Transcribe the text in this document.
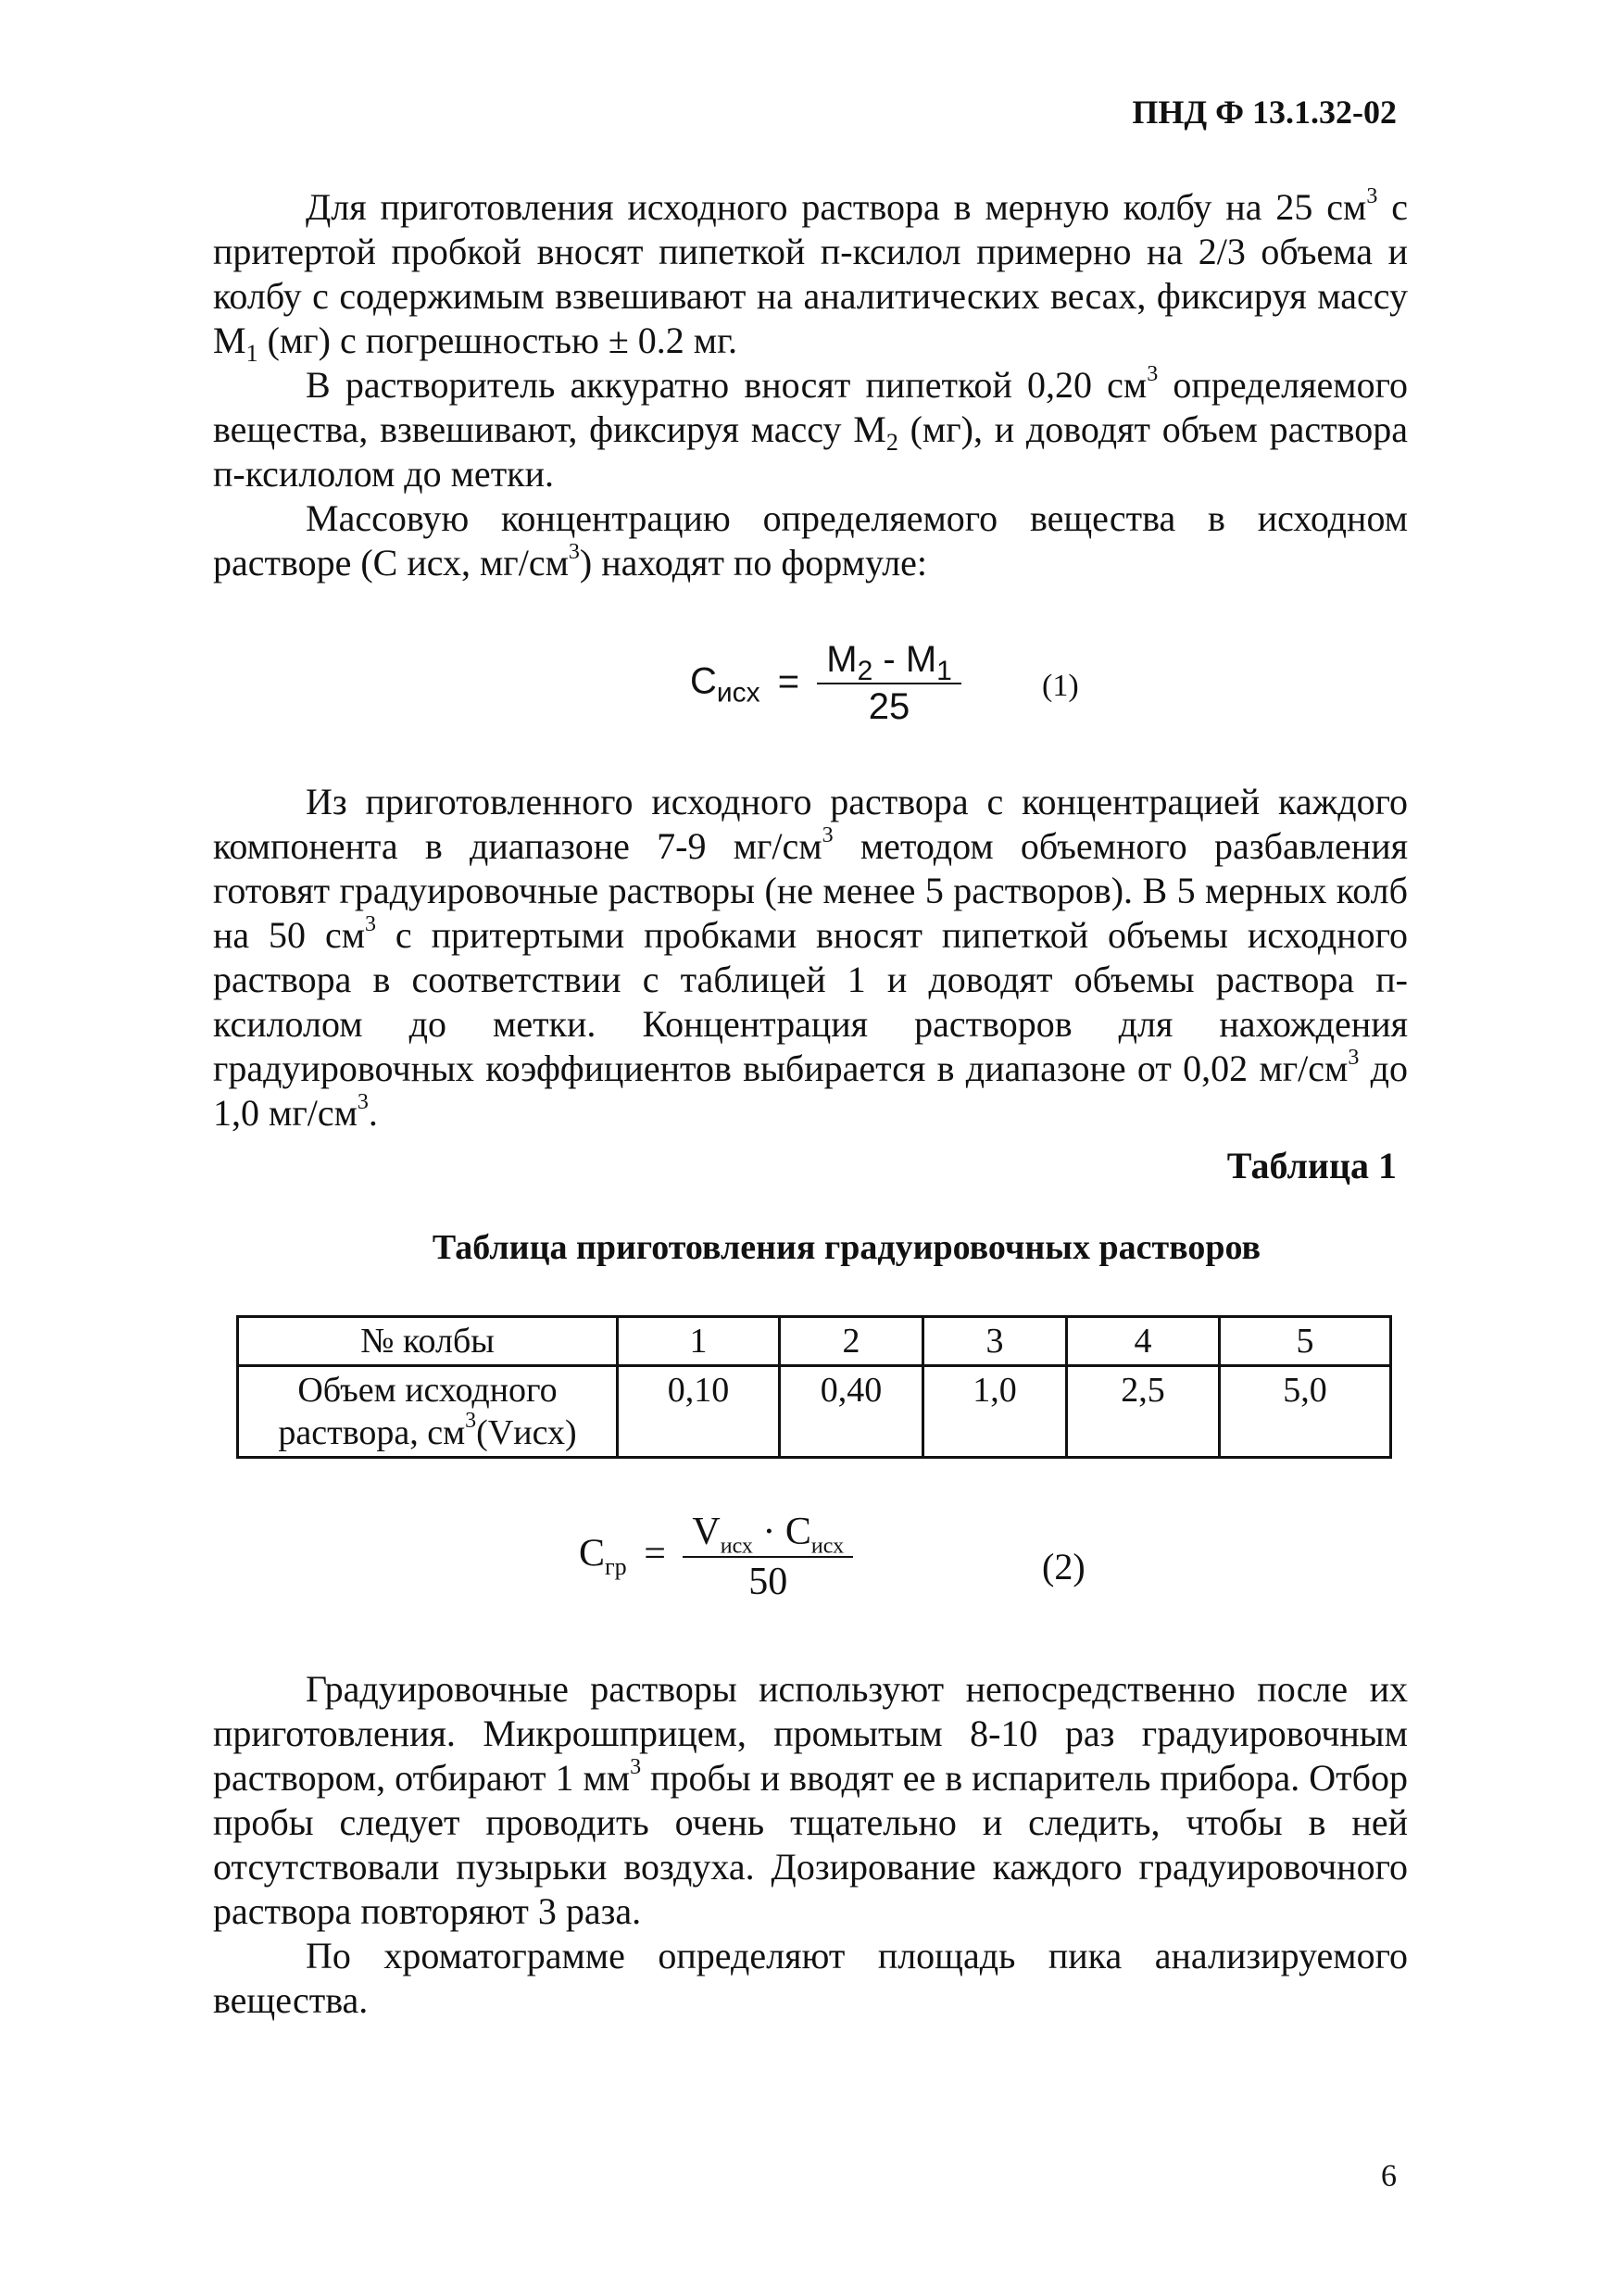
ПНД Ф 13.1.32-02

Для приготовления исходного раствора в мерную колбу на 25 $см^3$ с притертой пробкой вносят пипеткой п-ксилол примерно на 2/3 объема и колбу с содержимым взвешивают на аналитических весах, фиксируя массу $М_1$ (мг) с погрешностью ± 0.2 мг.

В растворитель аккуратно вносят пипеткой 0,20 $см^3$ определяемого вещества, взвешивают, фиксируя массу $М_2$ (мг), и доводят объем раствора п-ксилолом до метки.

Массовую концентрацию определяемого вещества в исходном растворе (С исх, $мг/см^3$) находят по формуле:

$С_{исх} = \frac{М_2 - М_1}{25}$	(1)

Из приготовленного исходного раствора с концентрацией каждого компонента в диапазоне 7-9 $мг/см^3$ методом объемного разбавления готовят градуировочные растворы (не менее 5 растворов). В 5 мерных колб на 50 $см^3$ с притертыми пробками вносят пипеткой объемы исходного раствора в соответствии с таблицей 1 и доводят объемы раствора п-ксилолом до метки. Концентрация растворов для нахождения градуировочных коэффициентов выбирается в диапазоне от 0,02 $мг/см^3$ до 1,0 $мг/см^3$.

Таблица 1
Таблица приготовления градуировочных растворов
№ колбы	1	2	3	4	5
Объем исходного раствора, $см^3(Vисх)$	0,10	0,40	1,0	2,5	5,0
$С_{гр} = \frac{V_{исх} \cdot С_{исх}}{50}$	(2)

Градуировочные растворы используют непосредственно после их приготовления. Микрошприцем, промытым 8-10 раз градуировочным раствором, отбирают 1 $мм^3$ пробы и вводят ее в испаритель прибора. Отбор пробы следует проводить очень тщательно и следить, чтобы в ней отсутствовали пузырьки воздуха. Дозирование каждого градуировочного раствора повторяют 3 раза.

По хроматограмме определяют площадь пика анализируемого вещества.

6
